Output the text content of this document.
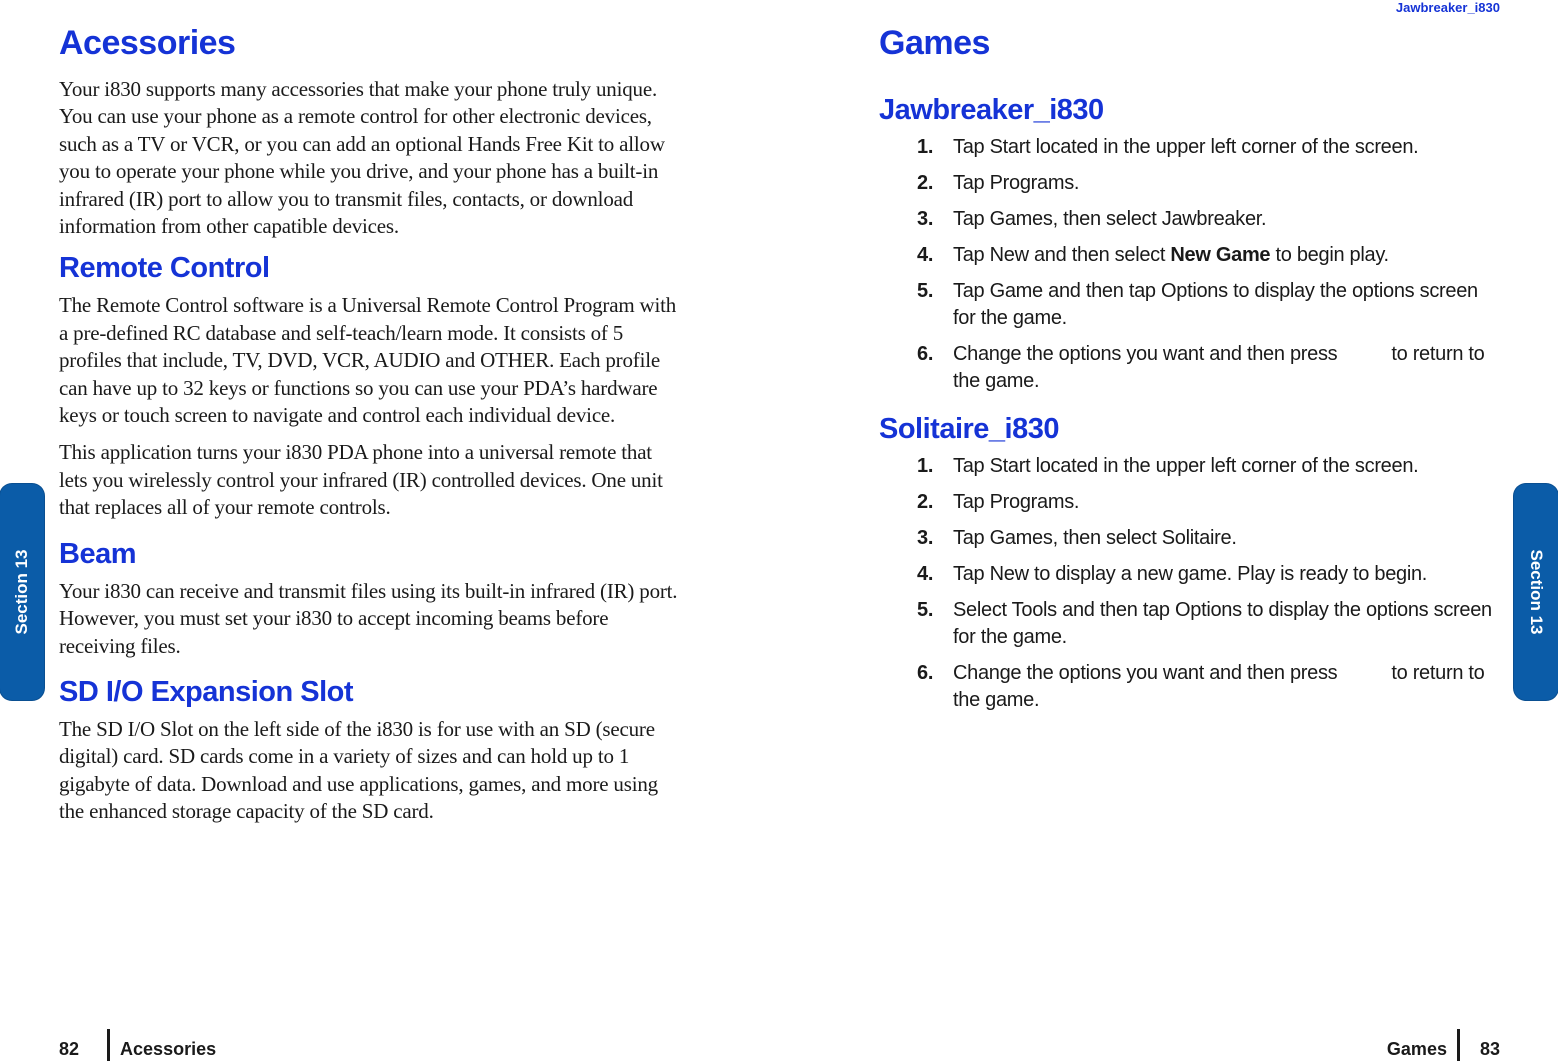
Jawbreaker_i830
Acessories

Your i830 supports many accessories that make your phone truly unique. You can use your phone as a remote control for other electronic devices, such as a TV or VCR, or you can add an optional Hands Free Kit to allow you to operate your phone while you drive, and your phone has a built-in infrared (IR) port to allow you to transmit files, contacts, or download information from other capatible devices.

Remote Control

The Remote Control software is a Universal Remote Control Program with a pre-defined RC database and self-teach/learn mode. It consists of 5 profiles that include, TV, DVD, VCR, AUDIO and OTHER. Each profile can have up to 32 keys or functions so you can use your PDA’s hardware keys or touch screen to navigate and control each individual device.

This application turns your i830 PDA phone into a universal remote that lets you wirelessly control your infrared (IR) controlled devices. One unit that replaces all of your remote controls.

Beam

Your i830 can receive and transmit files using its built-in infrared (IR) port. However, you must set your i830 to accept incoming beams before receiving files.

SD I/O Expansion Slot

The SD I/O Slot on the left side of the i830 is for use with an SD (secure digital) card. SD cards come in a variety of sizes and can hold up to 1 gigabyte of data. Download and use applications, games, and more using the enhanced storage capacity of the SD card.

Games
Jawbreaker_i830
1. Tap Start located in the upper left corner of the screen.
2. Tap Programs.
3. Tap Games, then select Jawbreaker.
4. Tap New and then select New Game to begin play.
5. Tap Game and then tap Options to display the options screen for the game.
6. Change the options you want and then press	to return to the game.
Solitaire_i830
1. Tap Start located in the upper left corner of the screen.
2. Tap Programs.
3. Tap Games, then select Solitaire.
4. Tap New to display a new game. Play is ready to begin.
5. Select Tools and then tap Options to display the options screen for the game.
6. Change the options you want and then press	to return to the game.
Section 13	Section 13
82 Acessories	Games 83
